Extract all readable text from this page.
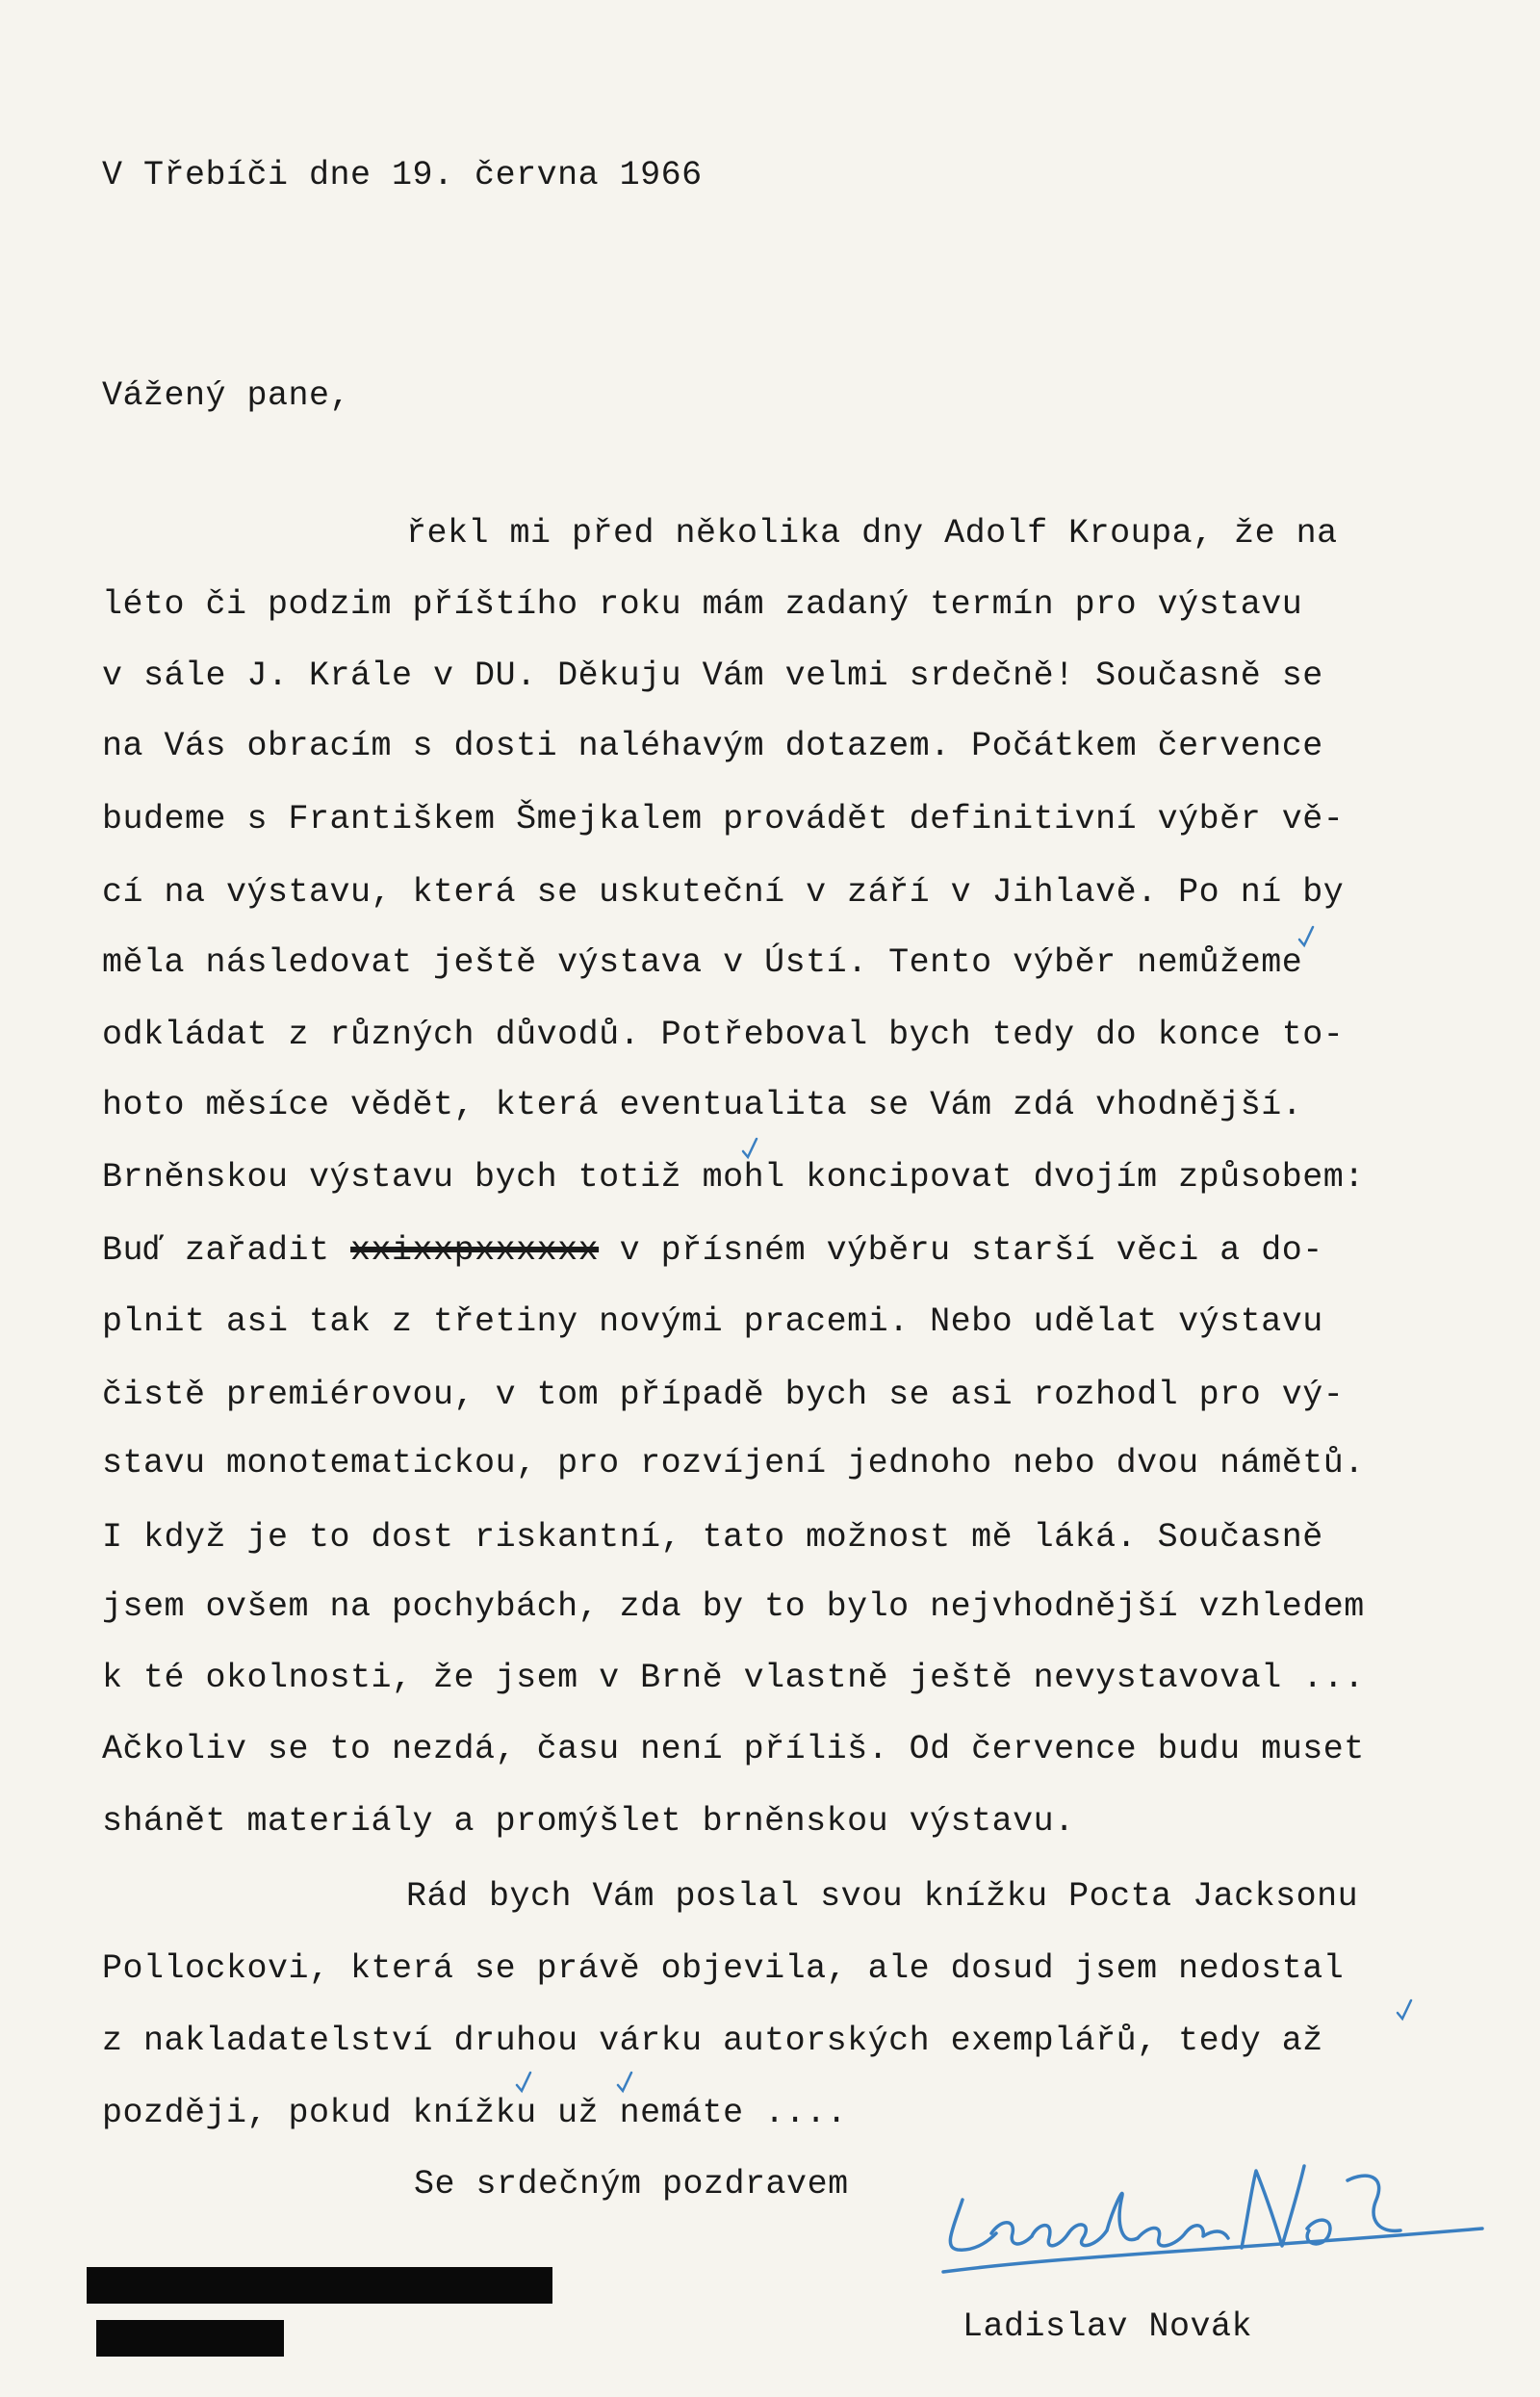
V Třebíči dne 19. června 1966
Vážený pane,
řekl mi před několika dny Adolf Kroupa, že na
léto či podzim příštího roku mám zadaný termín pro výstavu
v sále J. Krále v DU. Děkuju Vám velmi srdečně! Současně se
na Vás obracím s dosti naléhavým dotazem. Počátkem července
budeme s Františkem Šmejkalem provádět definitivní výběr vě-
cí na výstavu, která se uskuteční v září v Jihlavě. Po ní by
měla následovat ještě výstava v Ústí. Tento výběr nemůžeme
odkládat z různých důvodů. Potřeboval bych tedy do konce to-
hoto měsíce vědět, která eventualita se Vám zdá vhodnější.
Brněnskou výstavu bych totiž mohl koncipovat dvojím způsobem:
Buď zařadit xxixxpxxxxxx v přísném výběru starší věci a do-
plnit asi tak z třetiny novými pracemi. Nebo udělat výstavu
čistě premiérovou, v tom případě bych se asi rozhodl pro vý-
stavu monotematickou, pro rozvíjení jednoho nebo dvou námětů.
I když je to dost riskantní, tato možnost mě láká. Současně
jsem ovšem na pochybách, zda by to bylo nejvhodnější vzhledem
k té okolnosti, že jsem v Brně vlastně ještě nevystavoval ...
Ačkoliv se to nezdá, času není příliš. Od července budu muset
shánět materiály a promýšlet brněnskou výstavu.
Rád bych Vám poslal svou knížku Pocta Jacksonu
Pollockovi, která se právě objevila, ale dosud jsem nedostal
z nakladatelství druhou várku autorských exemplářů, tedy až
později, pokud knížku už nemáte ....
Se srdečným pozdravem
Ladislav Novák
